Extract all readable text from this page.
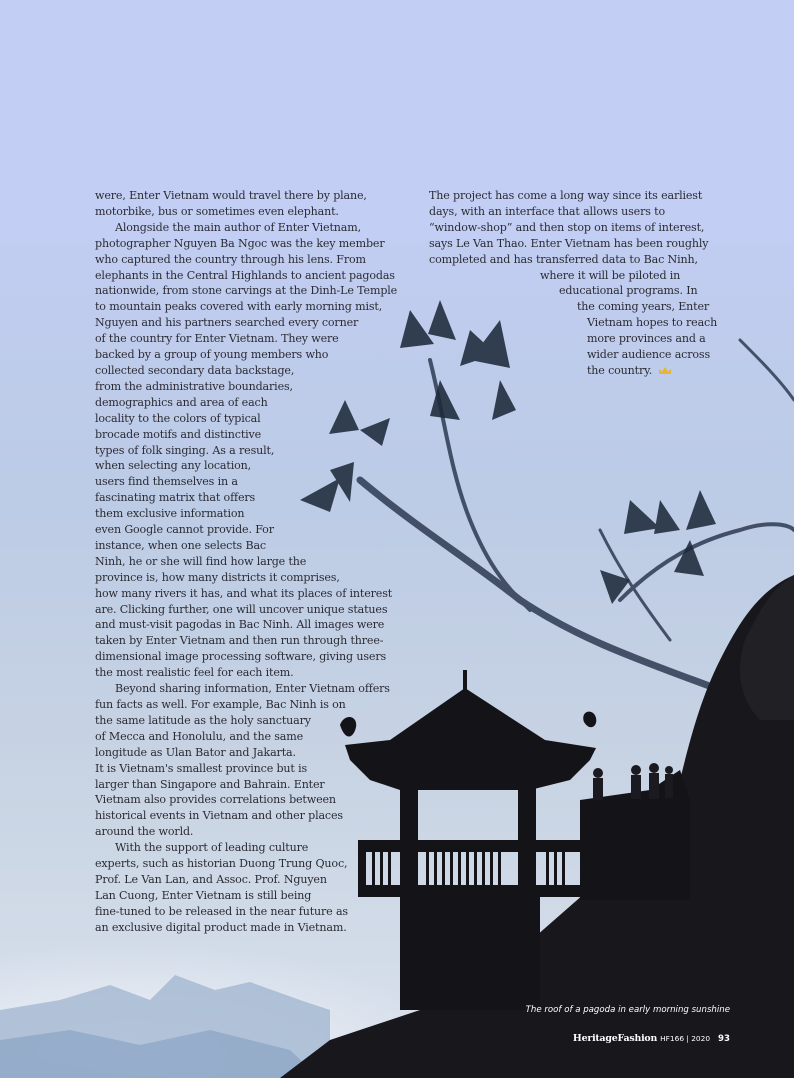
were, Enter Vietnam would travel there by plane,
motorbike, bus or sometimes even elephant.
Alongside the main author of Enter Vietnam,
photographer Nguyen Ba Ngoc was the key member
who captured the country through his lens. From
elephants in the Central Highlands to ancient pagodas
nationwide, from stone carvings at the Dinh-Le Temple
to mountain peaks covered with early morning mist,
Nguyen and his partners searched every corner
of the country for Enter Vietnam. They were
backed by a group of young members who
collected secondary data backstage,
from the administrative boundaries,
demographics and area of each
locality to the colors of typical
brocade motifs and distinctive
types of folk singing. As a result,
when selecting any location,
users find themselves in a
fascinating matrix that offers
them exclusive information
even Google cannot provide. For
instance, when one selects Bac
Ninh, he or she will find how large the
province is, how many districts it comprises,
how many rivers it has, and what its places of interest
are. Clicking further, one will uncover unique statues
and must-visit pagodas in Bac Ninh. All images were
taken by Enter Vietnam and then run through three-
dimensional image processing software, giving users
the most realistic feel for each item.
Beyond sharing information, Enter Vietnam offers
fun facts as well. For example, Bac Ninh is on
the same latitude as the holy sanctuary
of Mecca and Honolulu, and the same
longitude as Ulan Bator and Jakarta.
It is Vietnam's smallest province but is
larger than Singapore and Bahrain. Enter
Vietnam also provides correlations between
historical events in Vietnam and other places
around the world.
With the support of leading culture
experts, such as historian Duong Trung Quoc,
Prof. Le Van Lan, and Assoc. Prof. Nguyen
Lan Cuong, Enter Vietnam is still being
fine-tuned to be released in the near future as
an exclusive digital product made in Vietnam.
The project has come a long way since its earliest
days, with an interface that allows users to
“window-shop” and then stop on items of interest,
says Le Van Thao. Enter Vietnam has been roughly
completed and has transferred data to Bac Ninh,
where it will be piloted in
educational programs. In
the coming years, Enter
Vietnam hopes to reach
more provinces and a
wider audience across
the country.
The roof of a pagoda in early morning sunshine
HeritageFashion HF166 | 2020 93
